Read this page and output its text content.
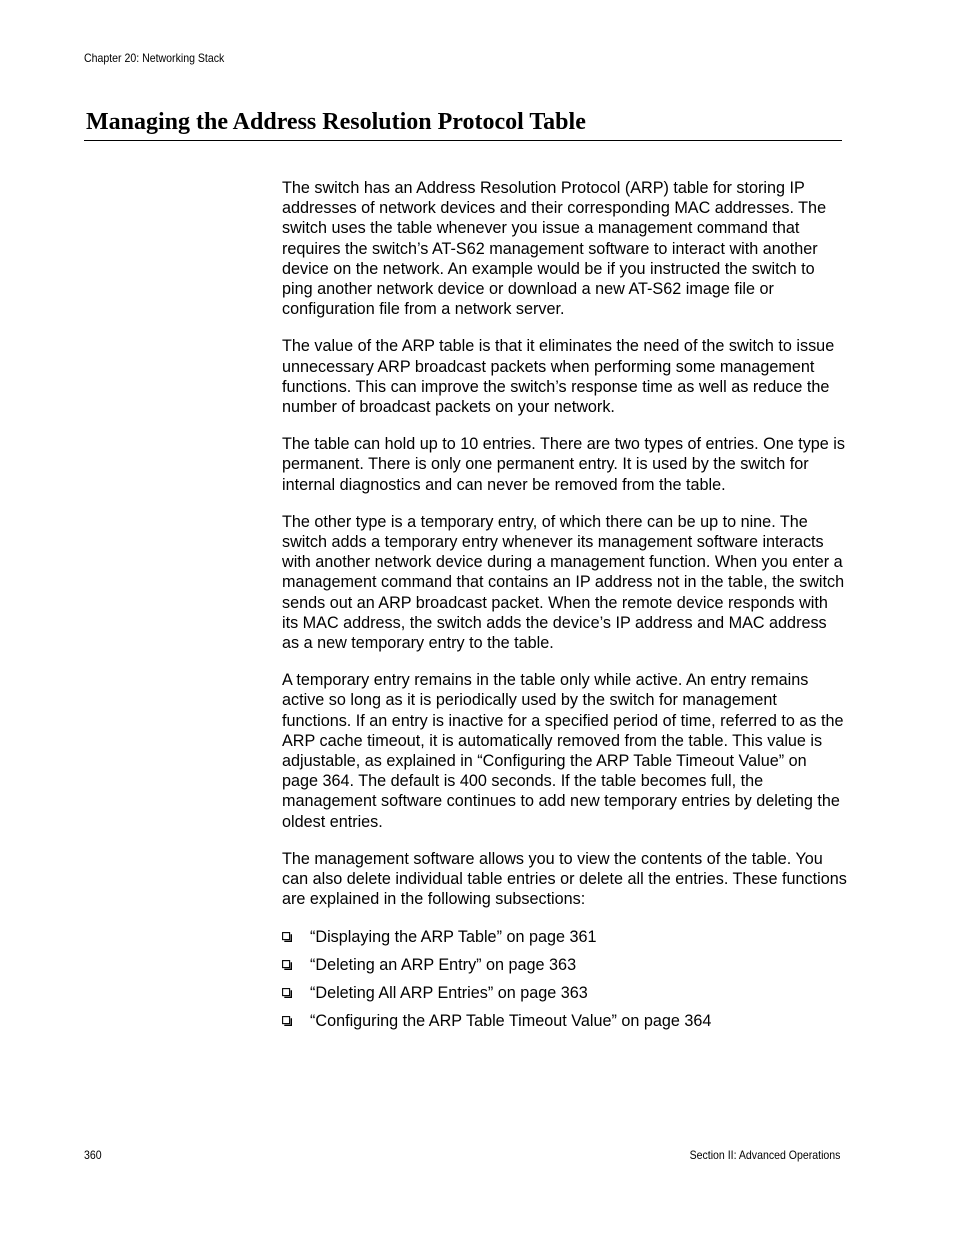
Chapter 20: Networking Stack
Managing the Address Resolution Protocol Table

The switch has an Address Resolution Protocol (ARP) table for storing IP addresses of network devices and their corresponding MAC addresses. The switch uses the table whenever you issue a management command that requires the switch’s AT-S62 management software to interact with another device on the network. An example would be if you instructed the switch to ping another network device or download a new AT-S62 image file or configuration file from a network server.

The value of the ARP table is that it eliminates the need of the switch to issue unnecessary ARP broadcast packets when performing some management functions. This can improve the switch’s response time as well as reduce the number of broadcast packets on your network.

The table can hold up to 10 entries. There are two types of entries. One type is permanent. There is only one permanent entry. It is used by the switch for internal diagnostics and can never be removed from the table.

The other type is a temporary entry, of which there can be up to nine. The switch adds a temporary entry whenever its management software interacts with another network device during a management function. When you enter a management command that contains an IP address not in the table, the switch sends out an ARP broadcast packet. When the remote device responds with its MAC address, the switch adds the device’s IP address and MAC address as a new temporary entry to the table.

A temporary entry remains in the table only while active. An entry remains active so long as it is periodically used by the switch for management functions. If an entry is inactive for a specified period of time, referred to as the ARP cache timeout, it is automatically removed from the table. This value is adjustable, as explained in “Configuring the ARP Table Timeout Value” on page 364. The default is 400 seconds. If the table becomes full, the management software continues to add new temporary entries by deleting the oldest entries.

The management software allows you to view the contents of the table. You can also delete individual table entries or delete all the entries. These functions are explained in the following subsections:

“Displaying the ARP Table” on page 361
“Deleting an ARP Entry” on page 363
“Deleting All ARP Entries” on page 363
“Configuring the ARP Table Timeout Value” on page 364
360	Section II: Advanced Operations
